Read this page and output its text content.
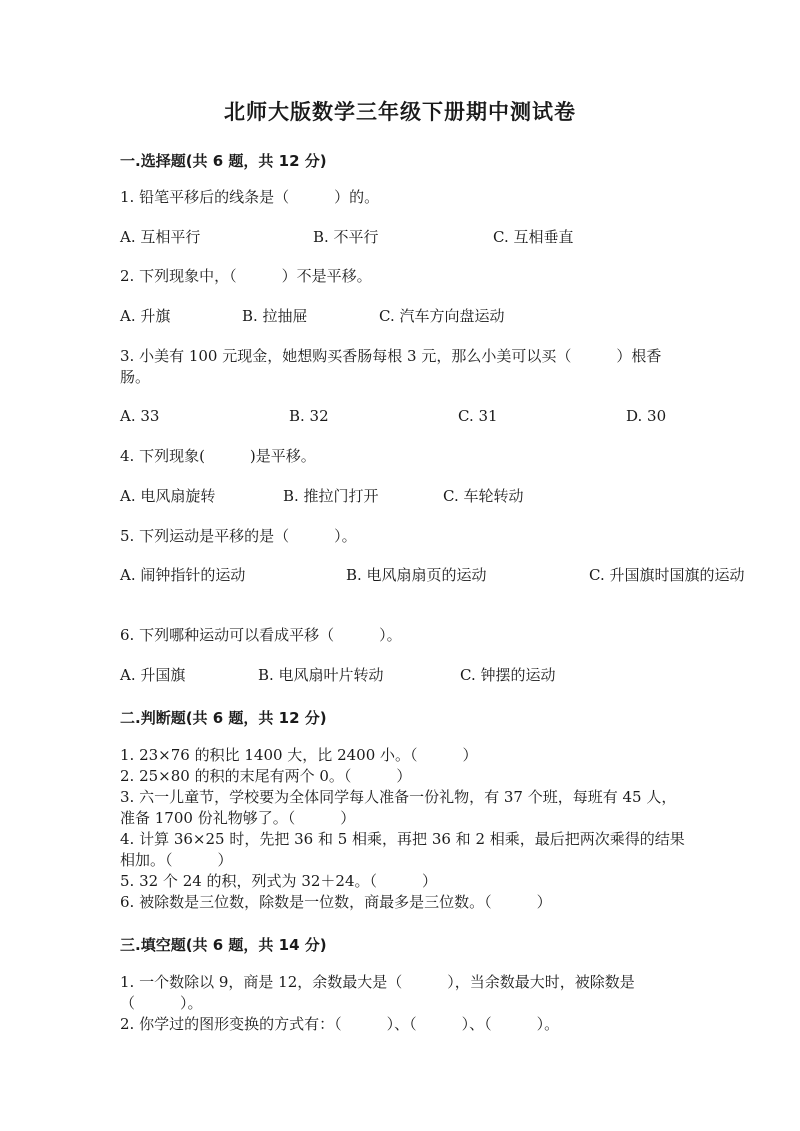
北师大版数学三年级下册期中测试卷
一.选择题(共 6 题，共 12 分)
1. 铅笔平移后的线条是（　　　）的。
A. 互相平行	B. 不平行	C. 互相垂直
2. 下列现象中，（　　　）不是平移。
A. 升旗	B. 拉抽屉	C. 汽车方向盘运动
3. 小美有 100 元现金，她想购买香肠每根 3 元，那么小美可以买（　　　）根香肠。
A. 33	B. 32	C. 31	D. 30
4. 下列现象(　　　)是平移。
A. 电风扇旋转	B. 推拉门打开	C. 车轮转动
5. 下列运动是平移的是（　　　）。
A. 闹钟指针的运动	B. 电风扇扇页的运动	C. 升国旗时国旗的运动
6. 下列哪种运动可以看成平移（　　　）。
A. 升国旗	B. 电风扇叶片转动	C. 钟摆的运动
二.判断题(共 6 题，共 12 分)
1. 23×76 的积比 1400 大，比 2400 小。（　　　）
2. 25×80 的积的末尾有两个 0。（　　　）
3. 六一儿童节，学校要为全体同学每人准备一份礼物，有 37 个班，每班有 45 人，准备 1700 份礼物够了。（　　　）
4. 计算 36×25 时，先把 36 和 5 相乘，再把 36 和 2 相乘，最后把两次乘得的结果相加。（　　　）
5. 32 个 24 的积，列式为 32＋24。（　　　）
6. 被除数是三位数，除数是一位数，商最多是三位数。（　　　）
三.填空题(共 6 题，共 14 分)
1. 一个数除以 9，商是 12，余数最大是（　　　），当余数最大时，被除数是（　　　）。
2. 你学过的图形变换的方式有：（　　　）、（　　　）、（　　　）。
